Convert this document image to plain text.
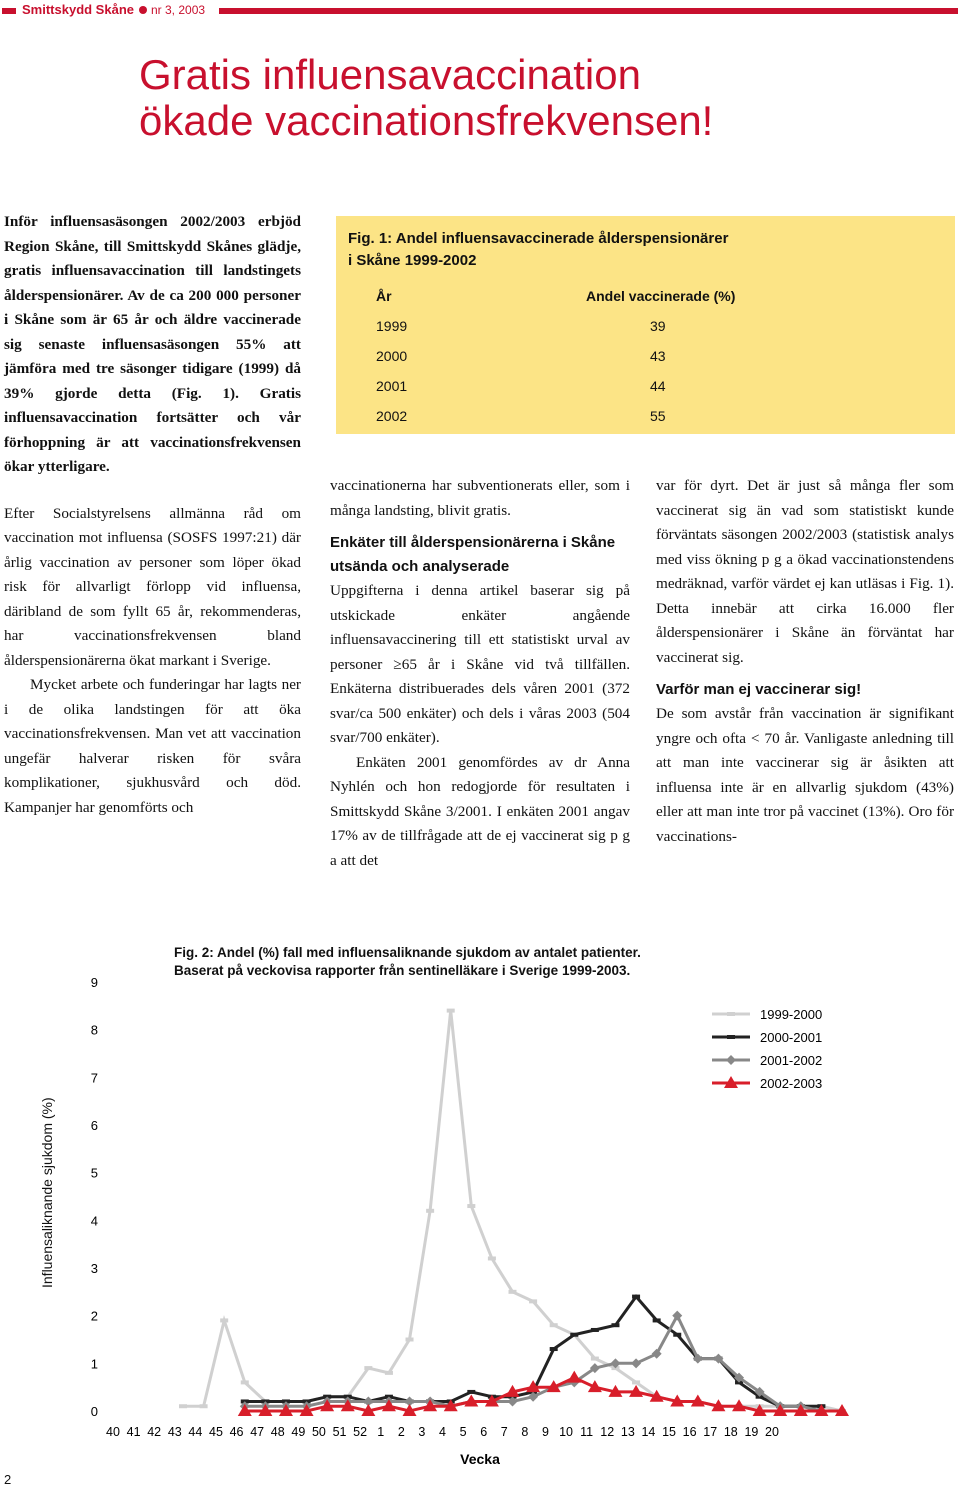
Smittskydd Skåne nr 3, 2003
Gratis influensavaccination
ökade vaccinationsfrekvensen!

Inför influensasäsongen 2002/2003 erbjöd Region Skåne, till Smittskydd Skånes glädje, gratis influensavaccination till landstingets ålderspensionärer. Av de ca 200 000 personer i Skåne som är 65 år och äldre vaccinerade sig senaste influensasäsongen 55% att jämföra med tre säsonger tidigare (1999) då 39% gjorde detta (Fig. 1). Gratis influensavaccination fortsätter och vår förhoppning är att vaccinationsfrekvensen ökar ytterligare.

Efter Socialstyrelsens allmänna råd om vaccination mot influensa (SOSFS 1997:21) där årlig vaccination av personer som löper ökad risk för allvarligt förlopp vid influensa, däribland de som fyllt 65 år, rekommenderas, har vaccinationsfrekvensen bland ålderspensionärerna ökat markant i Sverige.

Mycket arbete och funderingar har lagts ner i de olika landstingen för att öka vaccinationsfrekvensen. Man vet att vaccination ungefär halverar risken för svåra komplikationer, sjukhusvård och död. Kampanjer har genomförts och

Fig. 1: Andel influensavaccinerade ålderspensionärer
i Skåne 1999-2002
År	Andel vaccinerade (%)
1999	39
2000	43
2001	44
2002	55

vaccinationerna har subventionerats eller, som i många landsting, blivit gratis.

Enkäter till ålderspensionärerna i Skåne utsända och analyserade

Uppgifterna i denna artikel baserar sig på utskickade enkäter angående influensavaccinering till ett statistiskt urval av personer ≥65 år i Skåne vid två tillfällen. Enkäterna distribuerades dels våren 2001 (372 svar/ca 500 enkäter) och dels i våras 2003 (504 svar/700 enkäter).

Enkäten 2001 genomfördes av dr Anna Nyhlén och hon redogjorde för resultaten i Smittskydd Skåne 3/2001. I enkäten 2001 angav 17% av de tillfrågade att de ej vaccinerat sig p g a att det

var för dyrt. Det är just så många fler som vaccinerat sig än vad som statistiskt kunde förväntats säsongen 2002/2003 (statistisk analys med viss ökning p g a ökad vaccinationstendens medräknad, varför värdet ej kan utläsas i Fig. 1). Detta innebär att cirka 16.000 fler ålderspensionärer i Skåne än förväntat har vaccinerat sig.

Varför man ej vaccinerar sig!

De som avstår från vaccination är signifikant yngre och ofta < 70 år. Vanligaste anledning till att man inte vaccinerar sig är åsikten att influensa inte är en allvarlig sjukdom (43%) eller att man inte tror på vaccinet (13%). Oro för vaccinations-

Fig. 2: Andel (%) fall med influensaliknande sjukdom av antalet patienter.
Baserat på veckovisa rapporter från sentinelläkare i Sverige 1999-2003.
Influensaliknande sjukdom (%)
0
1
2
3
4
5
6
7
8
9
40 41 42 43 44 45 46 47 48 49 50 51 52 1 2 3 4 5 6 7 8 9 10 11 12 13 14 15 16 17 18 19 20
Vecka
1999-2000
2000-2001
2001-2002
2002-2003
2
